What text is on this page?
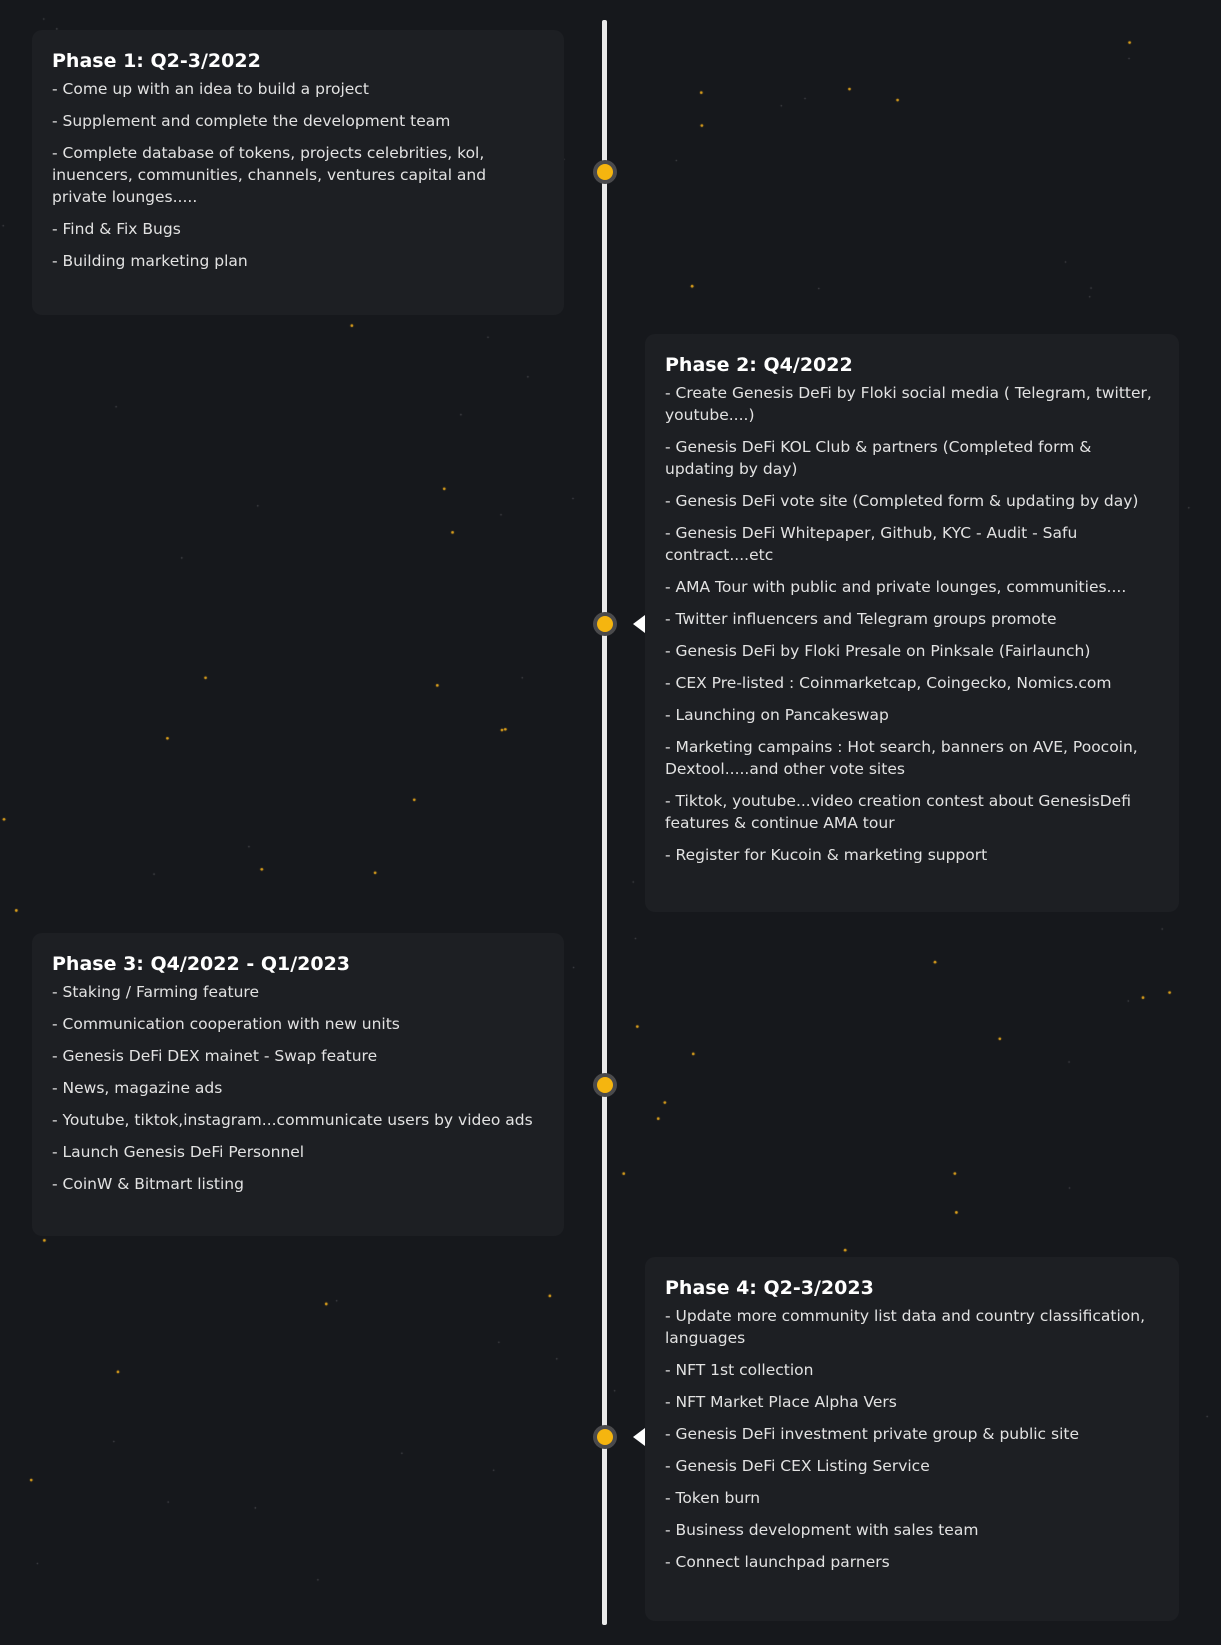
Phase 1: Q2-3/2022
- Come up with an idea to build a project
- Supplement and complete the development team
- Complete database of tokens, projects celebrities, kol, inuencers, communities, channels, ventures capital and private lounges.....
- Find & Fix Bugs
- Building marketing plan
Phase 2: Q4/2022
- Create Genesis DeFi by Floki social media ( Telegram, twitter, youtube....)
- Genesis DeFi KOL Club & partners (Completed form & updating by day)
- Genesis DeFi vote site (Completed form & updating by day)
- Genesis DeFi Whitepaper, Github, KYC - Audit - Safu contract....etc
- AMA Tour with public and private lounges, communities....
- Twitter influencers and Telegram groups promote
- Genesis DeFi by Floki Presale on Pinksale (Fairlaunch)
- CEX Pre-listed : Coinmarketcap, Coingecko, Nomics.com
- Launching on Pancakeswap
- Marketing campains : Hot search, banners on AVE, Poocoin, Dextool.....and other vote sites
- Tiktok, youtube...video creation contest about GenesisDefi features & continue AMA tour
- Register for Kucoin & marketing support
Phase 3: Q4/2022 - Q1/2023
- Staking / Farming feature
- Communication cooperation with new units
- Genesis DeFi DEX mainet - Swap feature
- News, magazine ads
- Youtube, tiktok,instagram...communicate users by video ads
- Launch Genesis DeFi Personnel
- CoinW & Bitmart listing
Phase 4: Q2-3/2023
- Update more community list data and country classification, languages
- NFT 1st collection
- NFT Market Place Alpha Vers
- Genesis DeFi investment private group & public site
- Genesis DeFi CEX Listing Service
- Token burn
- Business development with sales team
- Connect launchpad parners
